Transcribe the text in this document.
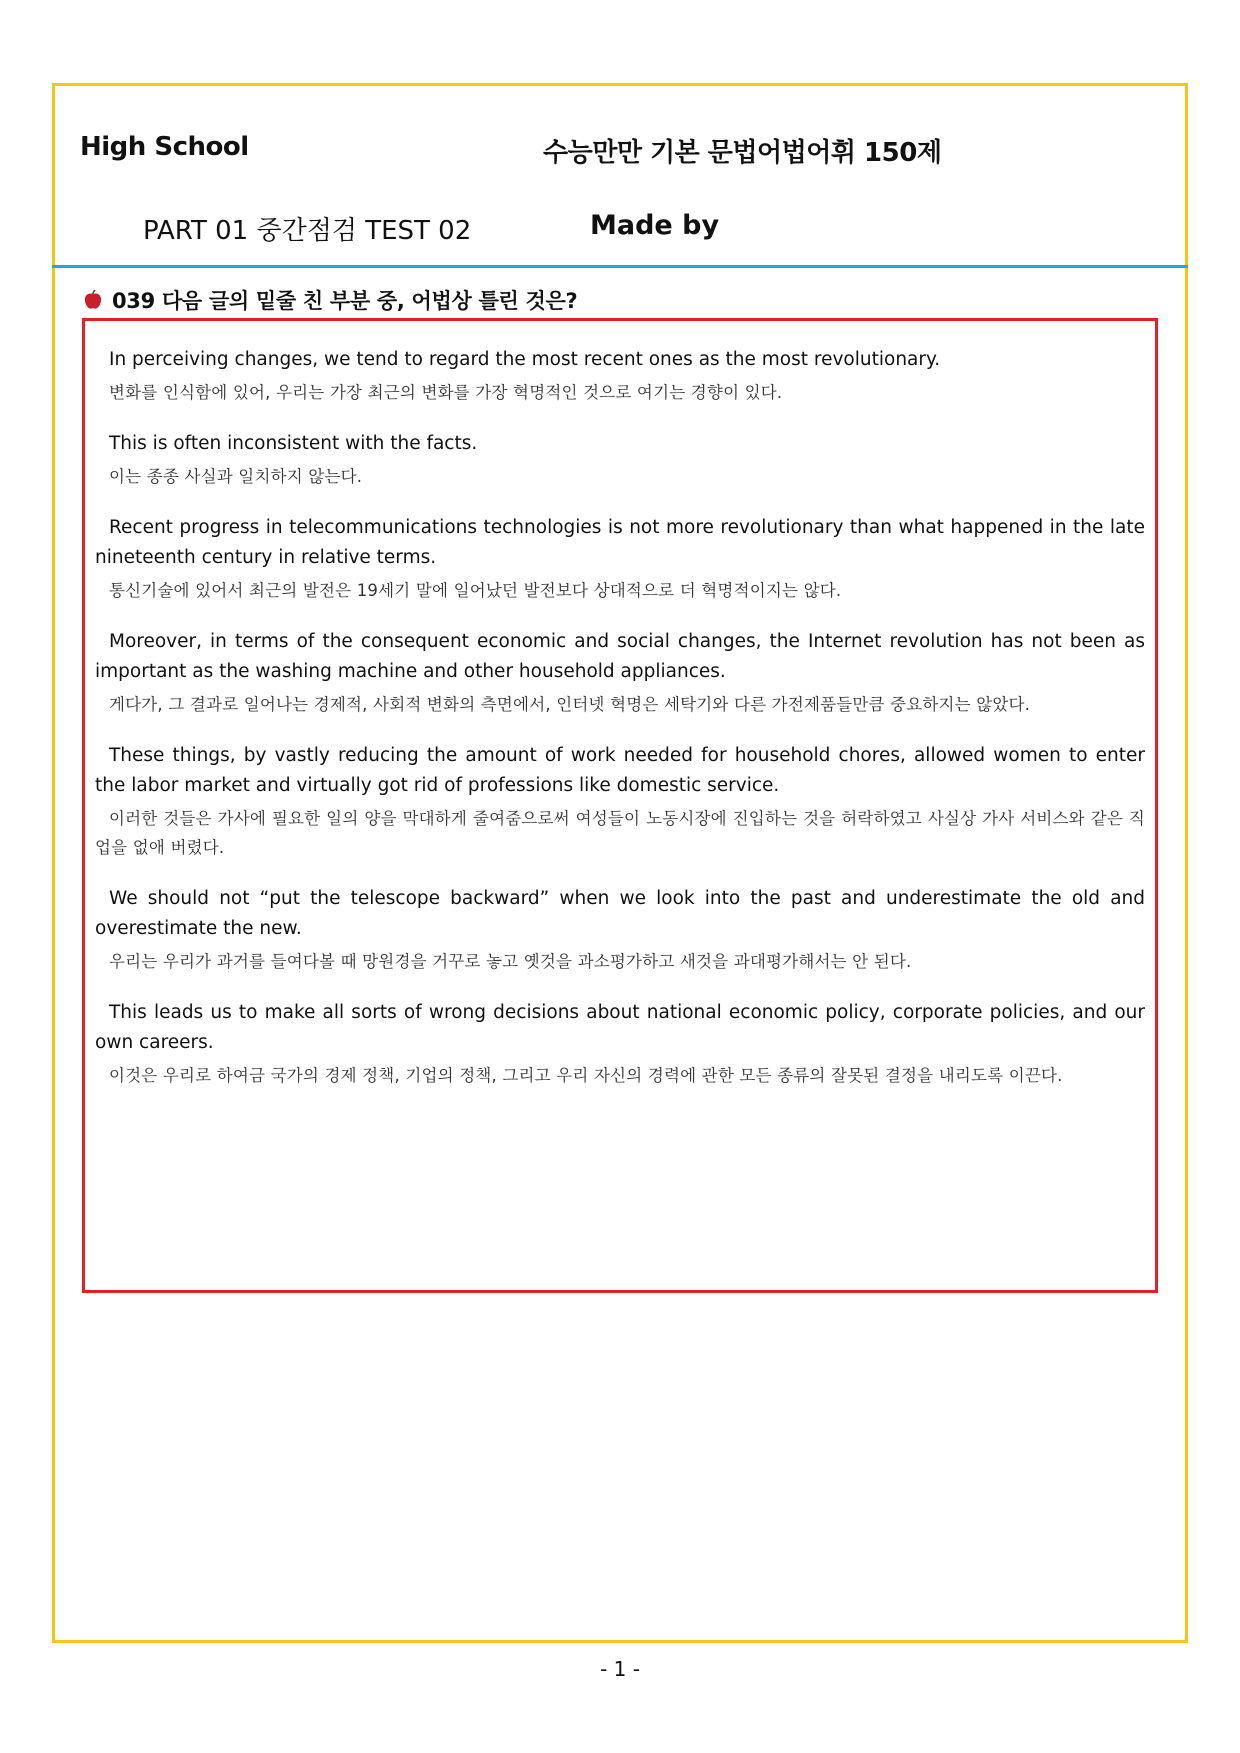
High School	수능만만 기본 문법어법어휘 150제
PART 01 중간점검 TEST 02	Made by
039 다음 글의 밑줄 친 부분 중, 어법상 틀린 것은?
In perceiving changes, we tend to regard the most recent ones as the most revolutionary.
변화를 인식함에 있어, 우리는 가장 최근의 변화를 가장 혁명적인 것으로 여기는 경향이 있다.
This is often inconsistent with the facts.
이는 종종 사실과 일치하지 않는다.
Recent progress in telecommunications technologies is not more revolutionary than what happened in the late nineteenth century in relative terms.
통신기술에 있어서 최근의 발전은 19세기 말에 일어났던 발전보다 상대적으로 더 혁명적이지는 않다.
Moreover, in terms of the consequent economic and social changes, the Internet revolution has not been as important as the washing machine and other household appliances.
게다가, 그 결과로 일어나는 경제적, 사회적 변화의 측면에서, 인터넷 혁명은 세탁기와 다른 가전제품들만큼 중요하지는 않았다.
These things, by vastly reducing the amount of work needed for household chores, allowed women to enter the labor market and virtually got rid of professions like domestic service.
이러한 것들은 가사에 필요한 일의 양을 막대하게 줄여줌으로써 여성들이 노동시장에 진입하는 것을 허락하였고 사실상 가사 서비스와 같은 직업을 없애 버렸다.
We should not “put the telescope backward” when we look into the past and underestimate the old and overestimate the new.
우리는 우리가 과거를 들여다볼 때 망원경을 거꾸로 놓고 옛것을 과소평가하고 새것을 과대평가해서는 안 된다.
This leads us to make all sorts of wrong decisions about national economic policy, corporate policies, and our own careers.
이것은 우리로 하여금 국가의 경제 정책, 기업의 정책, 그리고 우리 자신의 경력에 관한 모든 종류의 잘못된 결정을 내리도록 이끈다.
- 1 -
